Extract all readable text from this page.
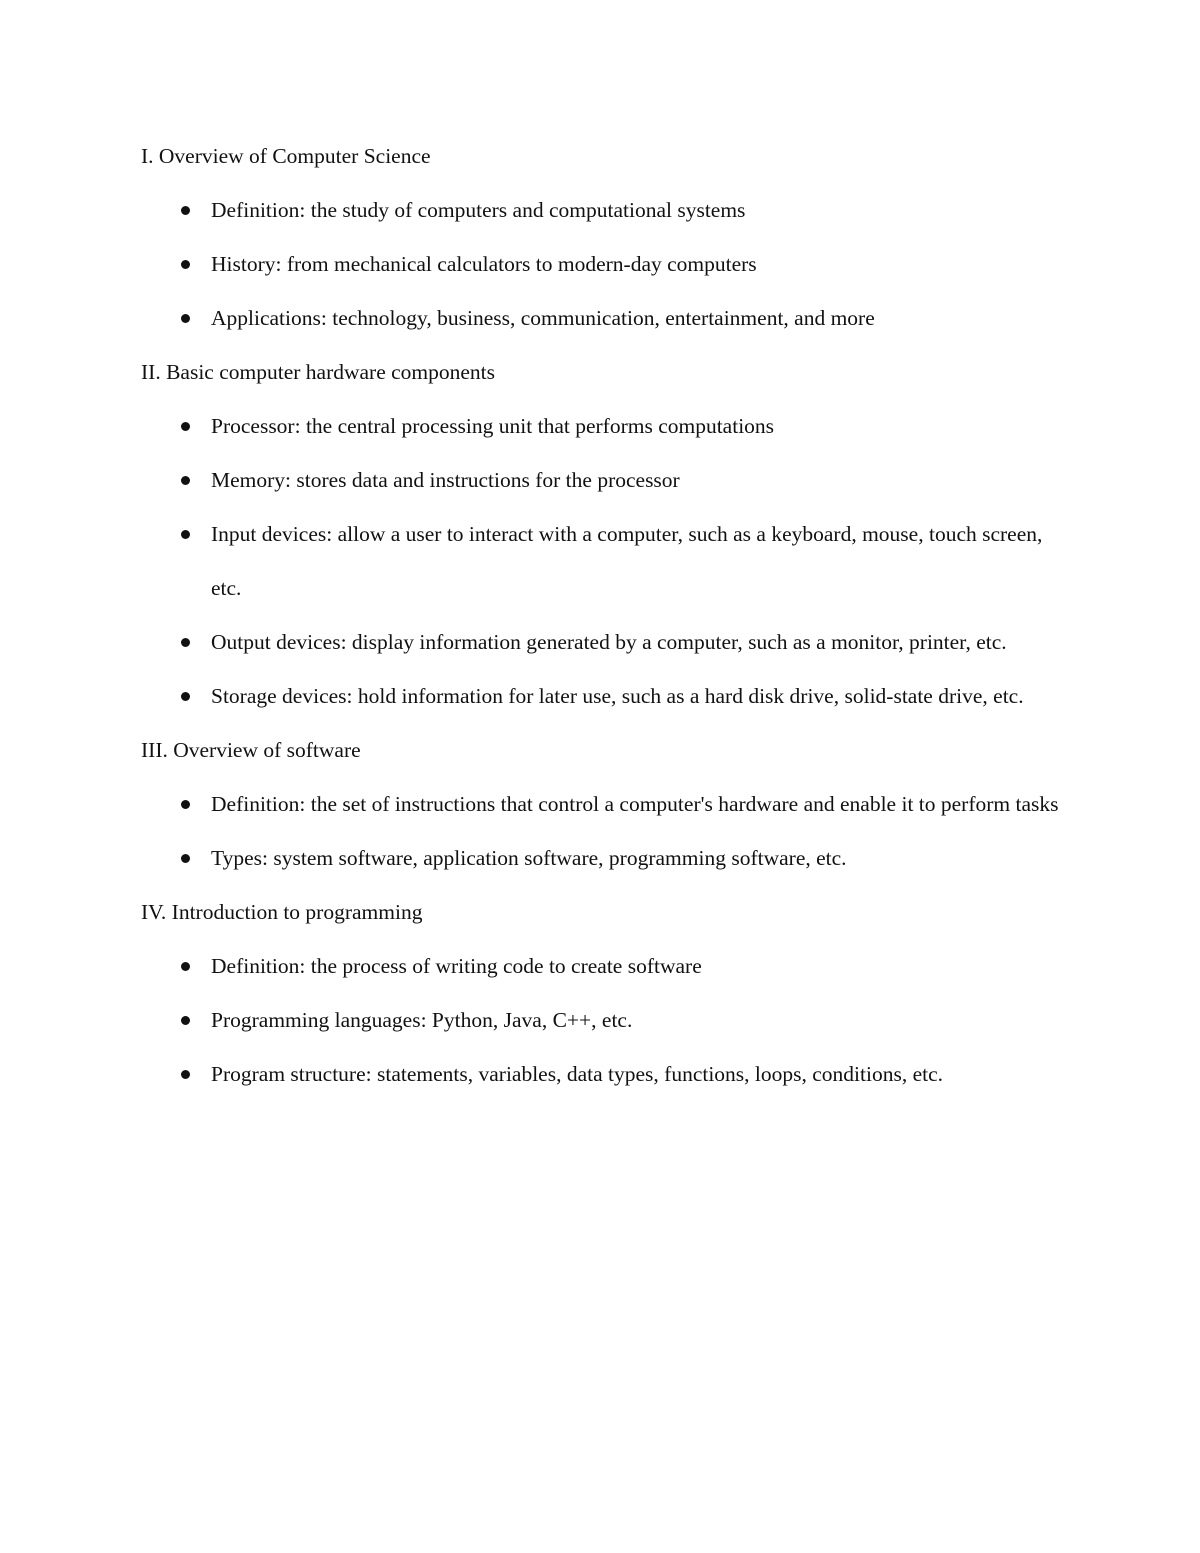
I. Overview of Computer Science
Definition: the study of computers and computational systems
History: from mechanical calculators to modern-day computers
Applications: technology, business, communication, entertainment, and more
II. Basic computer hardware components
Processor: the central processing unit that performs computations
Memory: stores data and instructions for the processor
Input devices: allow a user to interact with a computer, such as a keyboard, mouse, touch screen, etc.
Output devices: display information generated by a computer, such as a monitor, printer, etc.
Storage devices: hold information for later use, such as a hard disk drive, solid-state drive, etc.
III. Overview of software
Definition: the set of instructions that control a computer's hardware and enable it to perform tasks
Types: system software, application software, programming software, etc.
IV. Introduction to programming
Definition: the process of writing code to create software
Programming languages: Python, Java, C++, etc.
Program structure: statements, variables, data types, functions, loops, conditions, etc.
